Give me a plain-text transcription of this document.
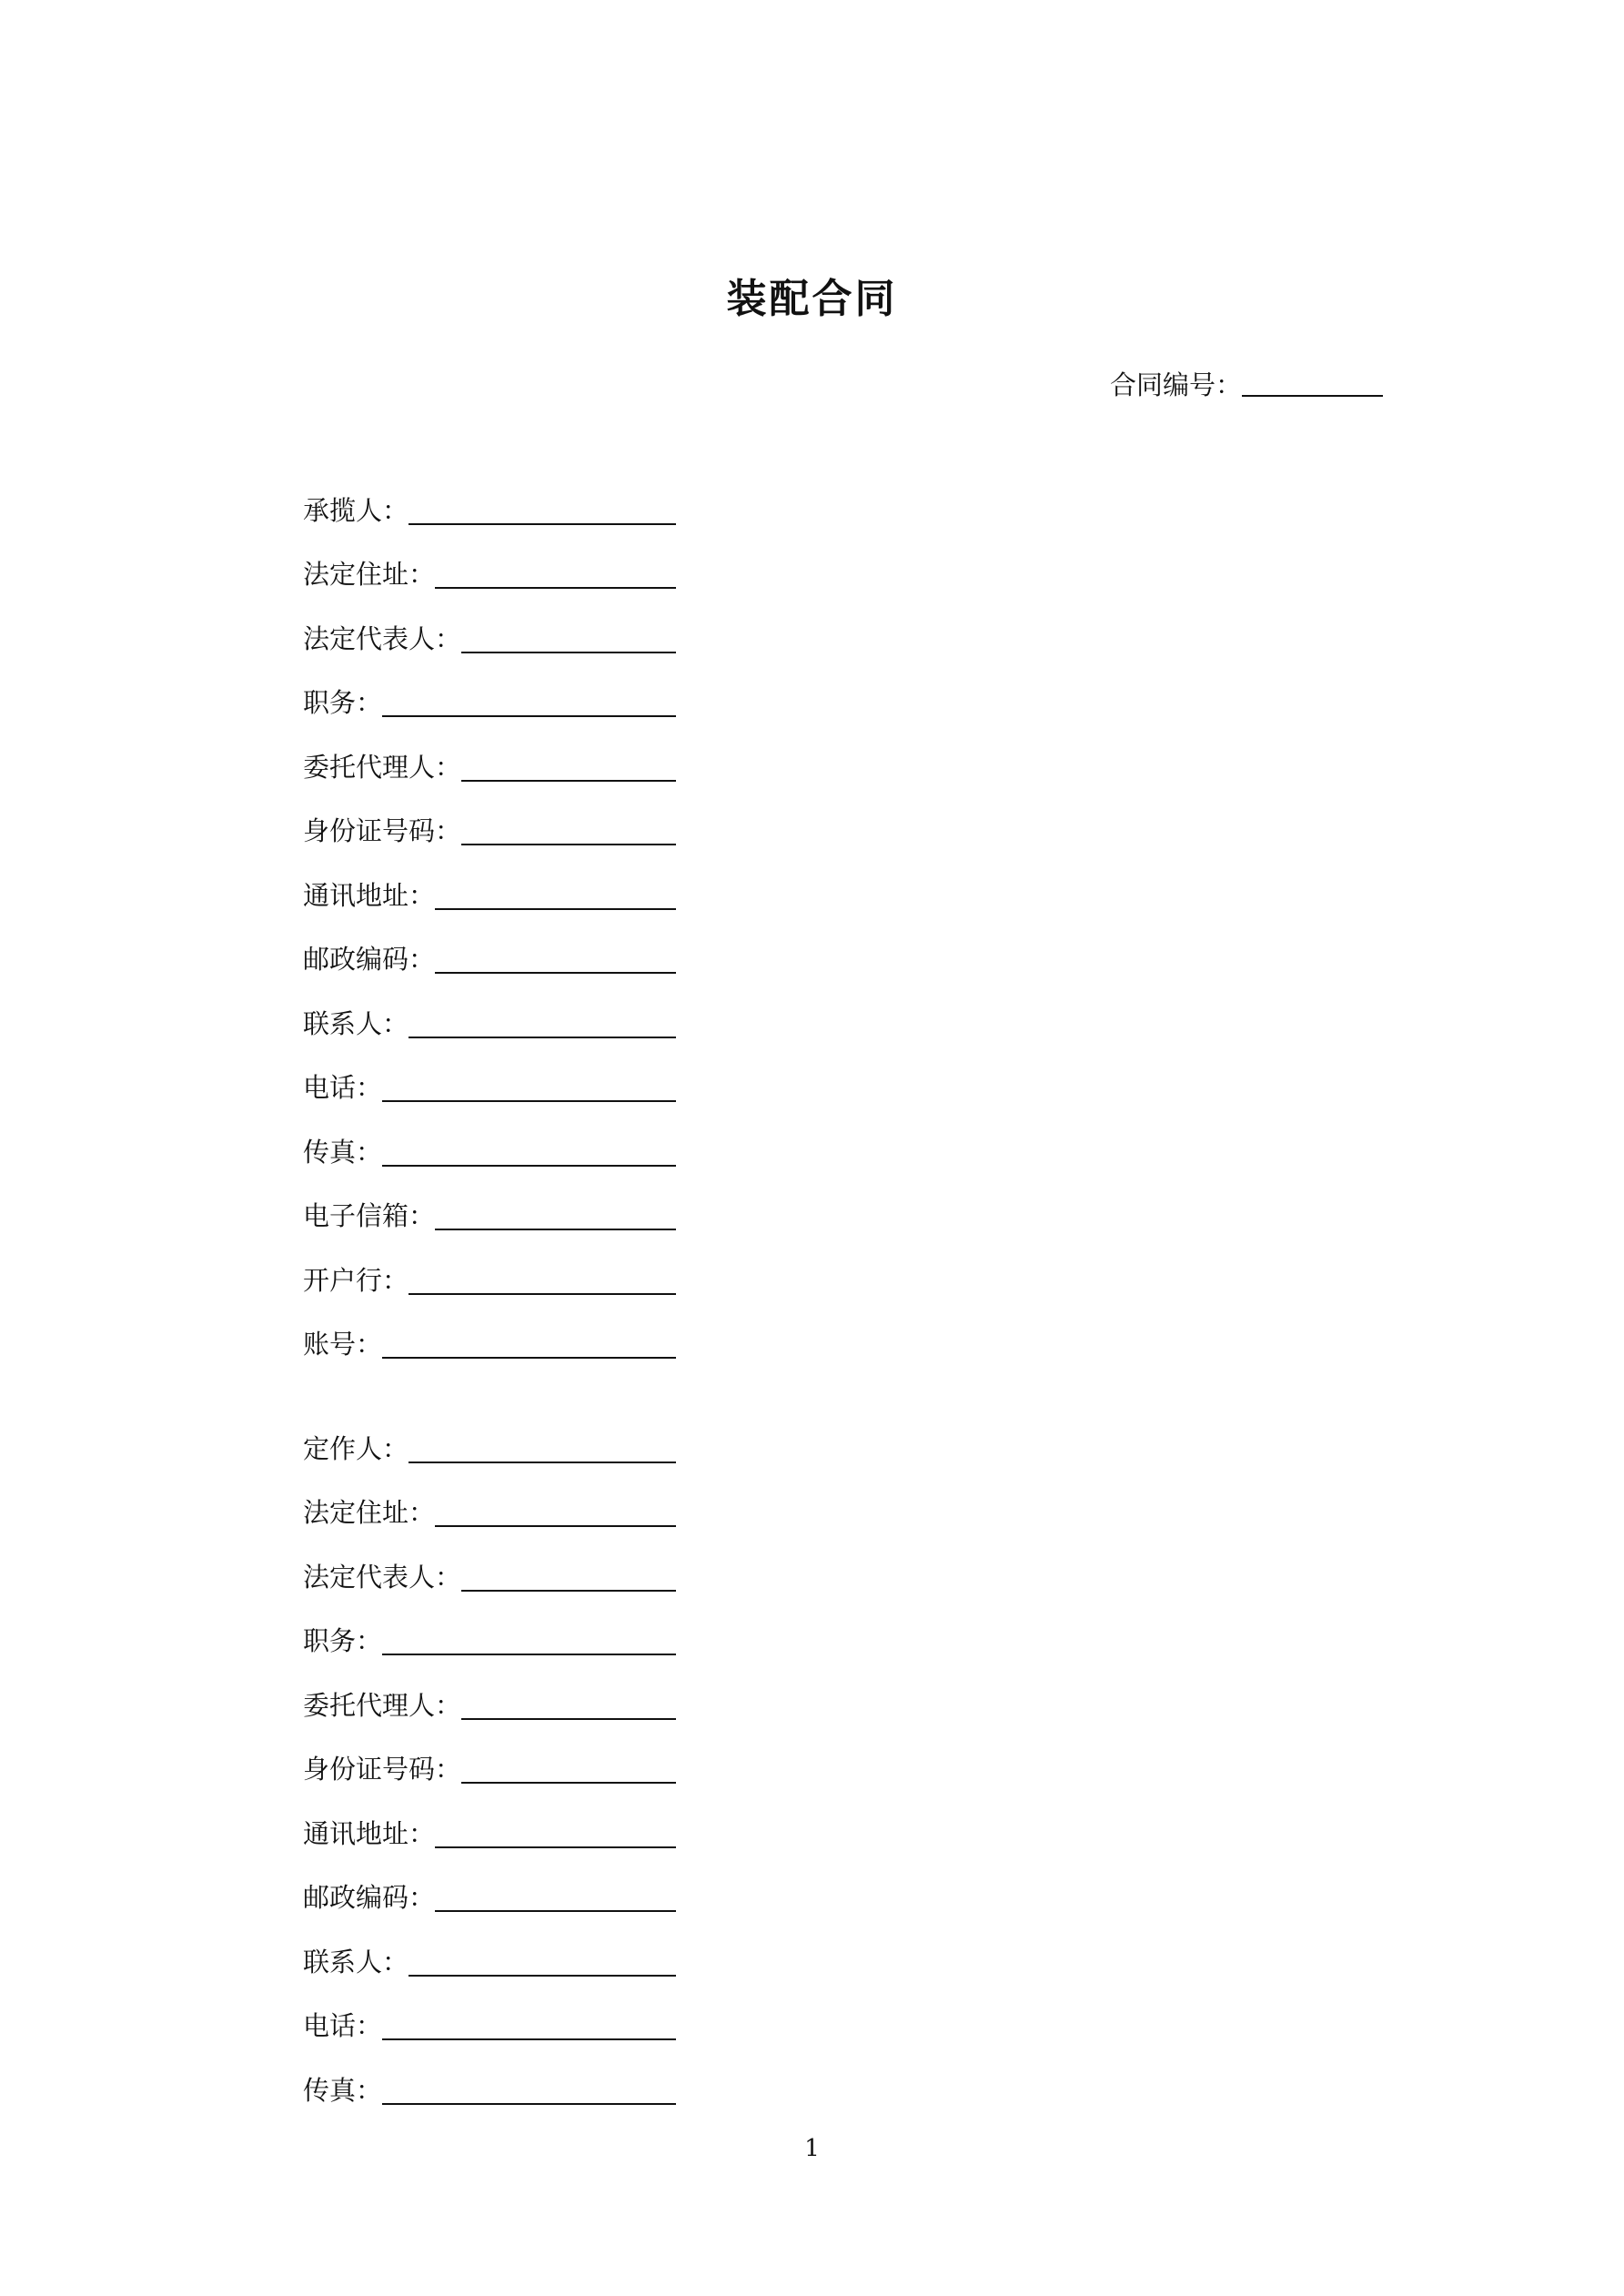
装配合同
合同编号：
承揽人：
法定住址：
法定代表人：
职务：
委托代理人：
身份证号码：
通讯地址：
邮政编码：
联系人：
电话：
传真：
电子信箱：
开户行：
账号：
定作人：
法定住址：
法定代表人：
职务：
委托代理人：
身份证号码：
通讯地址：
邮政编码：
联系人：
电话：
传真：
1
